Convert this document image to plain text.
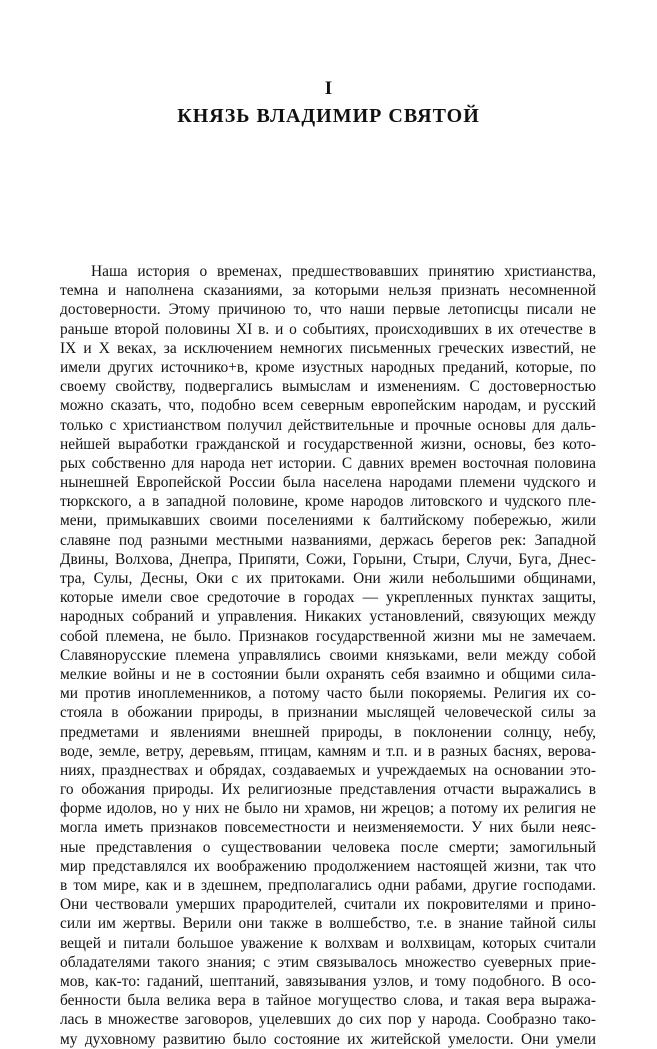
I
КНЯЗЬ ВЛАДИМИР СВЯТОЙ
Наша история о временах, предшествовавших принятию христианства,
темна и наполнена сказаниями, за которыми нельзя признать несомненной
достоверности. Этому причиною то, что наши первые летописцы писали не
раньше второй половины XI в. и о событиях, происходивших в их отечестве в
IX и X веках, за исключением немногих письменных греческих известий, не
имели других источнико+в, кроме изустных народных преданий, которые, по
своему свойству, подвергались вымыслам и изменениям. С достоверностью
можно сказать, что, подобно всем северным европейским народам, и русский
только с христианством получил действительные и прочные основы для даль-
нейшей выработки гражданской и государственной жизни, основы, без кото-
рых собственно для народа нет истории. С давних времен восточная половина
нынешней Европейской России была населена народами племени чудского и
тюркского, а в западной половине, кроме народов литовского и чудского пле-
мени, примыкавших своими поселениями к балтийскому побережью, жили
славяне под разными местными названиями, держась берегов рек: Западной
Двины, Волхова, Днепра, Припяти, Сожи, Горыни, Стыри, Случи, Буга, Днес-
тра, Сулы, Десны, Оки с их притоками. Они жили небольшими общинами,
которые имели свое средоточие в городах — укрепленных пунктах защиты,
народных собраний и управления. Никаких установлений, связующих между
собой племена, не было. Признаков государственной жизни мы не замечаем.
Славянорусские племена управлялись своими князьками, вели между собой
мелкие войны и не в состоянии были охранять себя взаимно и общими сила-
ми против иноплеменников, а потому часто были покоряемы. Религия их со-
стояла в обожании природы, в признании мыслящей человеческой силы за
предметами и явлениями внешней природы, в поклонении солнцу, небу,
воде, земле, ветру, деревьям, птицам, камням и т.п. и в разных баснях, верова-
ниях, празднествах и обрядах, создаваемых и учреждаемых на основании это-
го обожания природы. Их религиозные представления отчасти выражались в
форме идолов, но у них не было ни храмов, ни жрецов; а потому их религия не
могла иметь признаков повсеместности и неизменяемости. У них были неяс-
ные представления о существовании человека после смерти; замогильный
мир представлялся их воображению продолжением настоящей жизни, так что
в том мире, как и в здешнем, предполагались одни рабами, другие господами.
Они чествовали умерших прародителей, считали их покровителями и прино-
сили им жертвы. Верили они также в волшебство, т.е. в знание тайной силы
вещей и питали большое уважение к волхвам и волхвицам, которых считали
обладателями такого знания; с этим связывалось множество суеверных прие-
мов, как-то: гаданий, шептаний, завязывания узлов, и тому подобного. В осо-
бенности была велика вера в тайное могущество слова, и такая вера выража-
лась в множестве заговоров, уцелевших до сих пор у народа. Сообразно тако-
му духовному развитию было состояние их житейской умелости. Они умели
